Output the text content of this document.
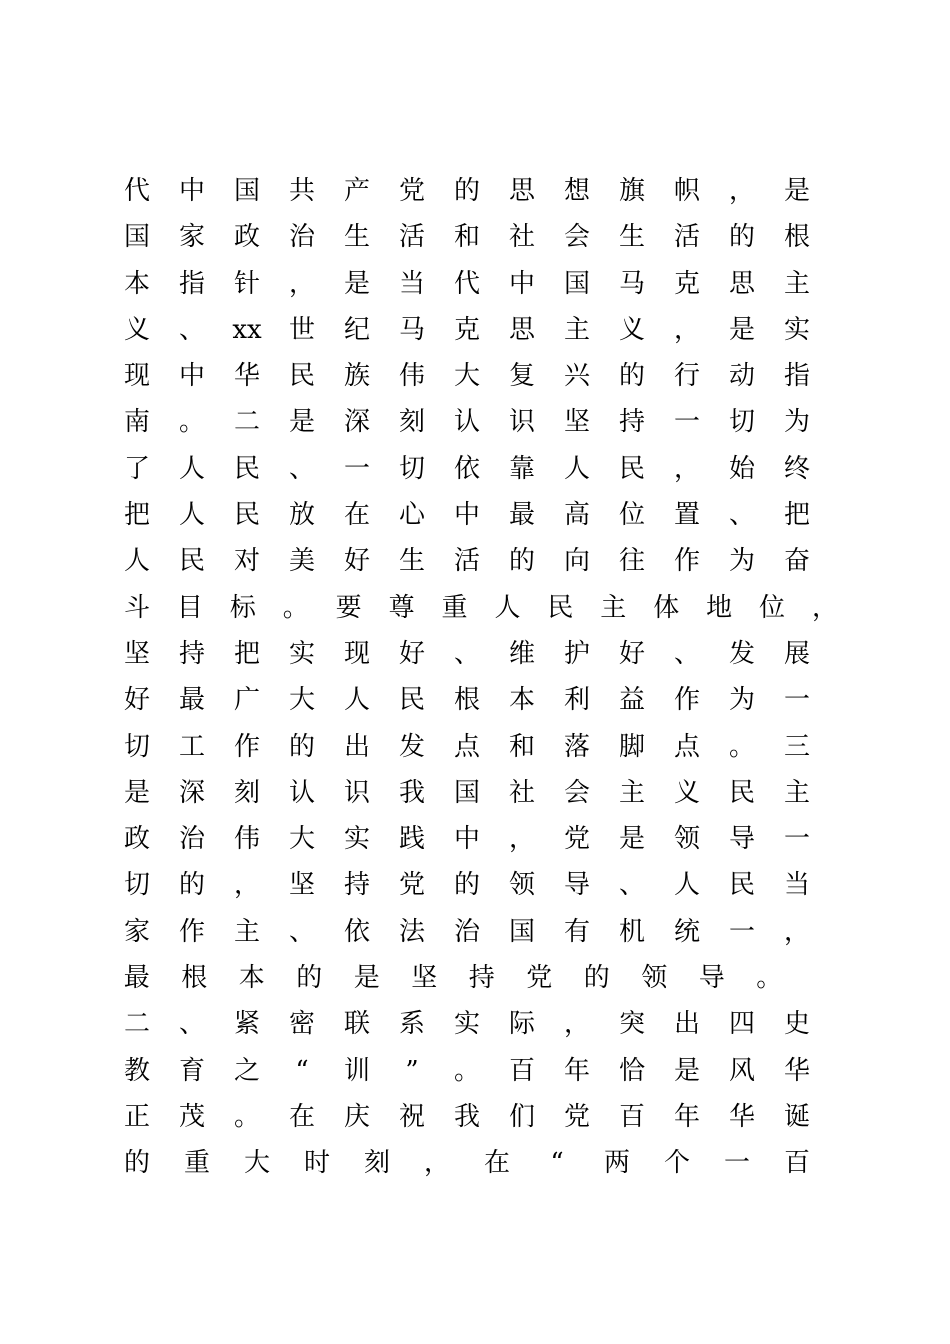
代 中 国 共 产 党 的 思 想 旗 帜 ， 是
国 家 政 治 生 活 和 社 会 生 活 的 根
本 指 针 ， 是 当 代 中 国 马 克 思 主
义 、 xx 世 纪 马 克 思 主 义 ， 是 实
现 中 华 民 族 伟 大 复 兴 的 行 动 指
南 。 二 是 深 刻 认 识 坚 持 一 切 为
了 人 民 、 一 切 依 靠 人 民 ， 始 终
把 人 民 放 在 心 中 最 高 位 置 、 把
人 民 对 美 好 生 活 的 向 往 作 为 奋
斗 目 标 。 要 尊 重 人 民 主 体 地 位 ，
坚 持 把 实 现 好 、 维 护 好 、 发 展
好 最 广 大 人 民 根 本 利 益 作 为 一
切 工 作 的 出 发 点 和 落 脚 点 。 三
是 深 刻 认 识 我 国 社 会 主 义 民 主
政 治 伟 大 实 践 中 ， 党 是 领 导 一
切 的 ， 坚 持 党 的 领 导 、 人 民 当
家 作 主 、 依 法 治 国 有 机 统 一 ，
最 根 本 的 是 坚 持 党 的 领 导 。
二 、 紧 密 联 系 实 际 ， 突 出 四 史
教 育 之	“	训	”	。 百 年 恰 是 风 华
正 茂 。 在 庆 祝 我 们 党 百 年 华 诞
的 重 大 时 刻 ， 在	“	两 个 一 百
